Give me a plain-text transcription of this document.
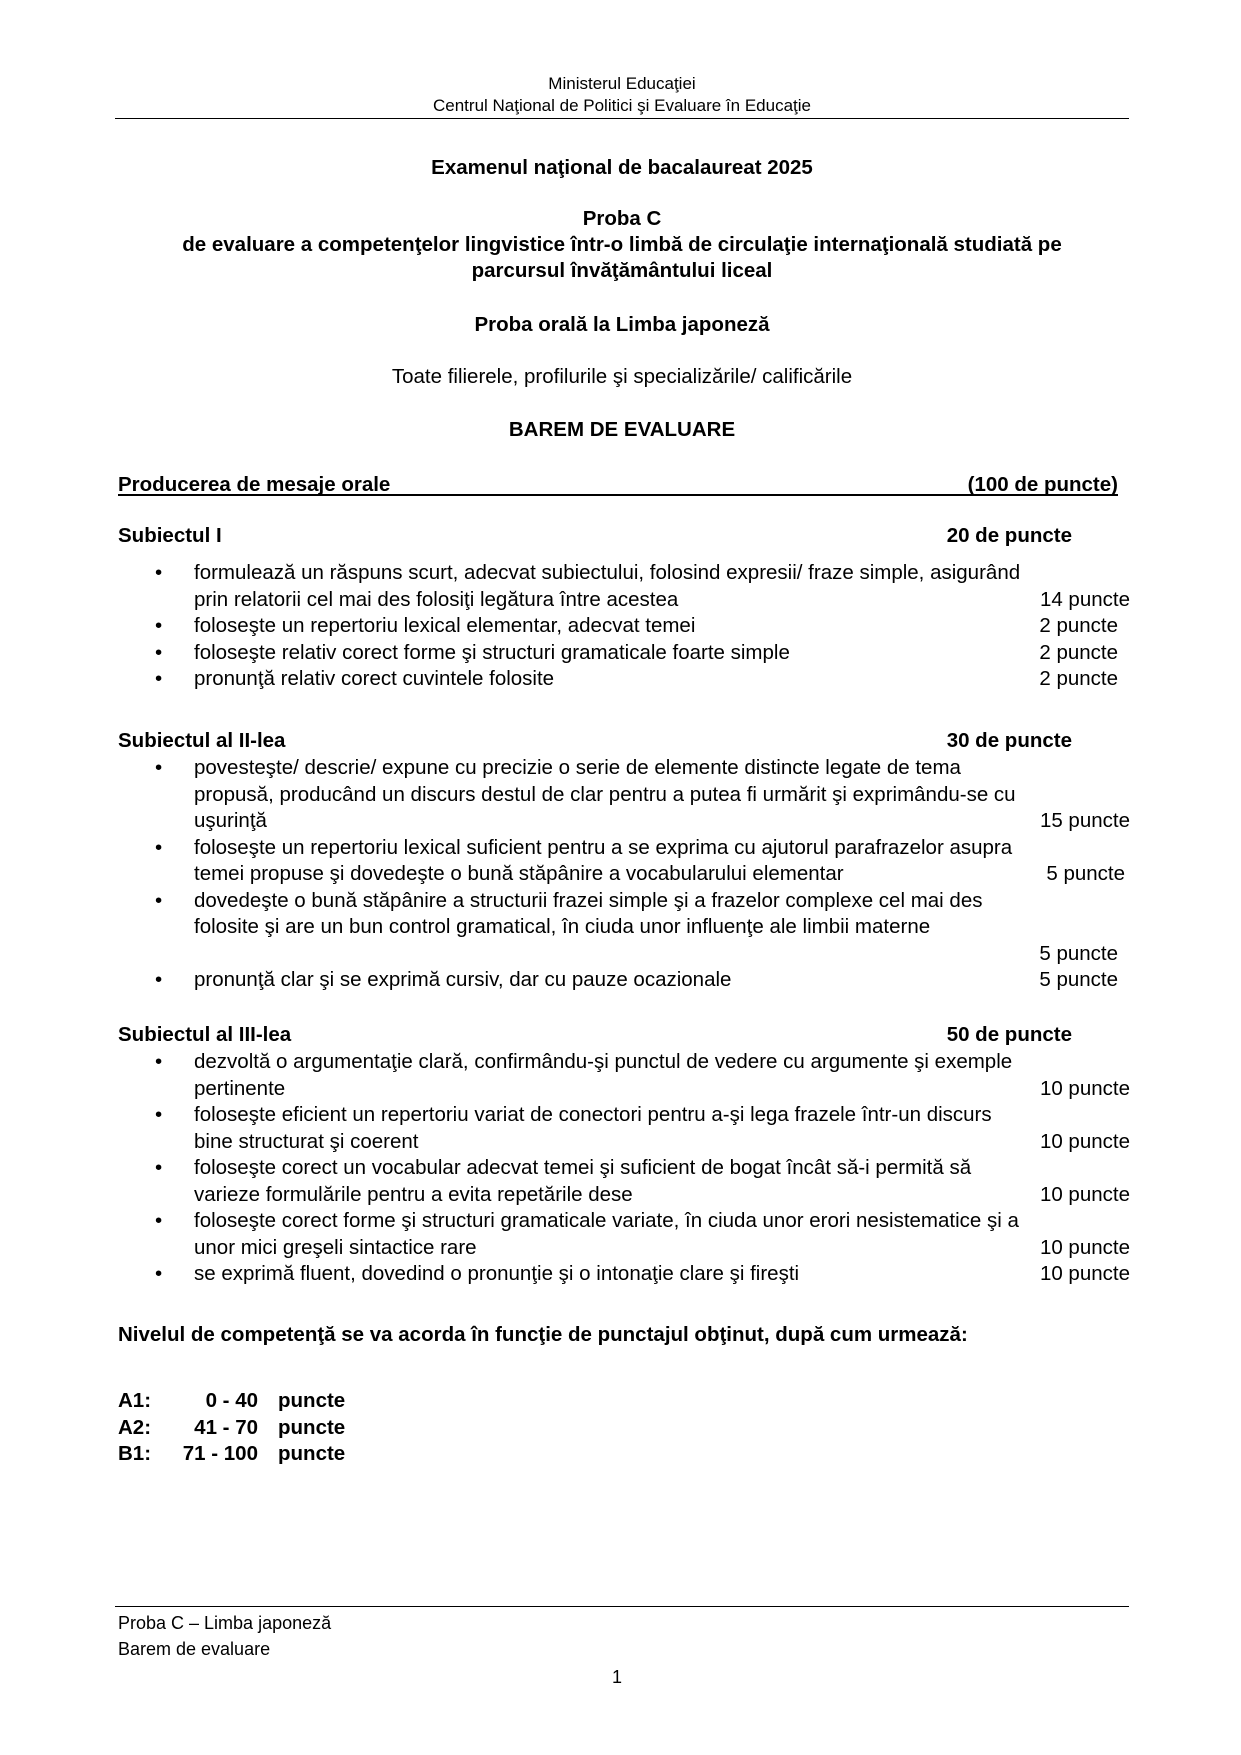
Ministerul Educaţiei
Centrul Naţional de Politici şi Evaluare în Educaţie
Examenul naţional de bacalaureat 2025
Proba C
de evaluare a competenţelor lingvistice într-o limbă de circulaţie internaţională studiată pe
parcursul învăţământului liceal
Proba orală la Limba japoneză
Toate filierele, profilurile şi specializările/ calificările
BAREM DE EVALUARE
Producerea de mesaje orale	(100 de puncte)
Subiectul I	20 de puncte
•	formulează un răspuns scurt, adecvat subiectului, folosind expresii/ fraze simple, asigurând
prin relatorii cel mai des folosiţi legătura între acestea	14 puncte
•	foloseşte un repertoriu lexical elementar, adecvat temei	2 puncte
•	foloseşte relativ corect forme şi structuri gramaticale foarte simple	2 puncte
•	pronunţă relativ corect cuvintele folosite	2 puncte
Subiectul al II-lea	30 de puncte
•	povesteşte/ descrie/ expune cu precizie o serie de elemente distincte legate de tema
propusă, producând un discurs destul de clar pentru a putea fi urmărit şi exprimându-se cu
uşurinţă	15 puncte
•	foloseşte un repertoriu lexical suficient pentru a se exprima cu ajutorul parafrazelor asupra
temei propuse şi dovedeşte o bună stăpânire a vocabularului elementar	5 puncte
•	dovedeşte o bună stăpânire a structurii frazei simple şi a frazelor complexe cel mai des
folosite şi are un bun control gramatical, în ciuda unor influenţe ale limbii materne
5 puncte
•	pronunţă clar şi se exprimă cursiv, dar cu pauze ocazionale	5 puncte
Subiectul al III-lea	50 de puncte
•	dezvoltă o argumentaţie clară, confirmându-şi punctul de vedere cu argumente şi exemple
pertinente	10 puncte
•	foloseşte eficient un repertoriu variat de conectori pentru a-şi lega frazele într-un discurs
bine structurat şi coerent	10 puncte
•	foloseşte corect un vocabular adecvat temei şi suficient de bogat încât să-i permită să
varieze formulările pentru a evita repetările dese	10 puncte
•	foloseşte corect forme şi structuri gramaticale variate, în ciuda unor erori nesistematice şi a
unor mici greşeli sintactice rare	10 puncte
•	se exprimă fluent, dovedind o pronunţie şi o intonaţie clare şi fireşti	10 puncte
Nivelul de competenţă se va acorda în funcţie de punctajul obţinut, după cum urmează:
A1:	0 - 40 puncte
A2:	41 - 70 puncte
B1:	71 - 100 puncte
Proba C – Limba japoneză
Barem de evaluare
1
